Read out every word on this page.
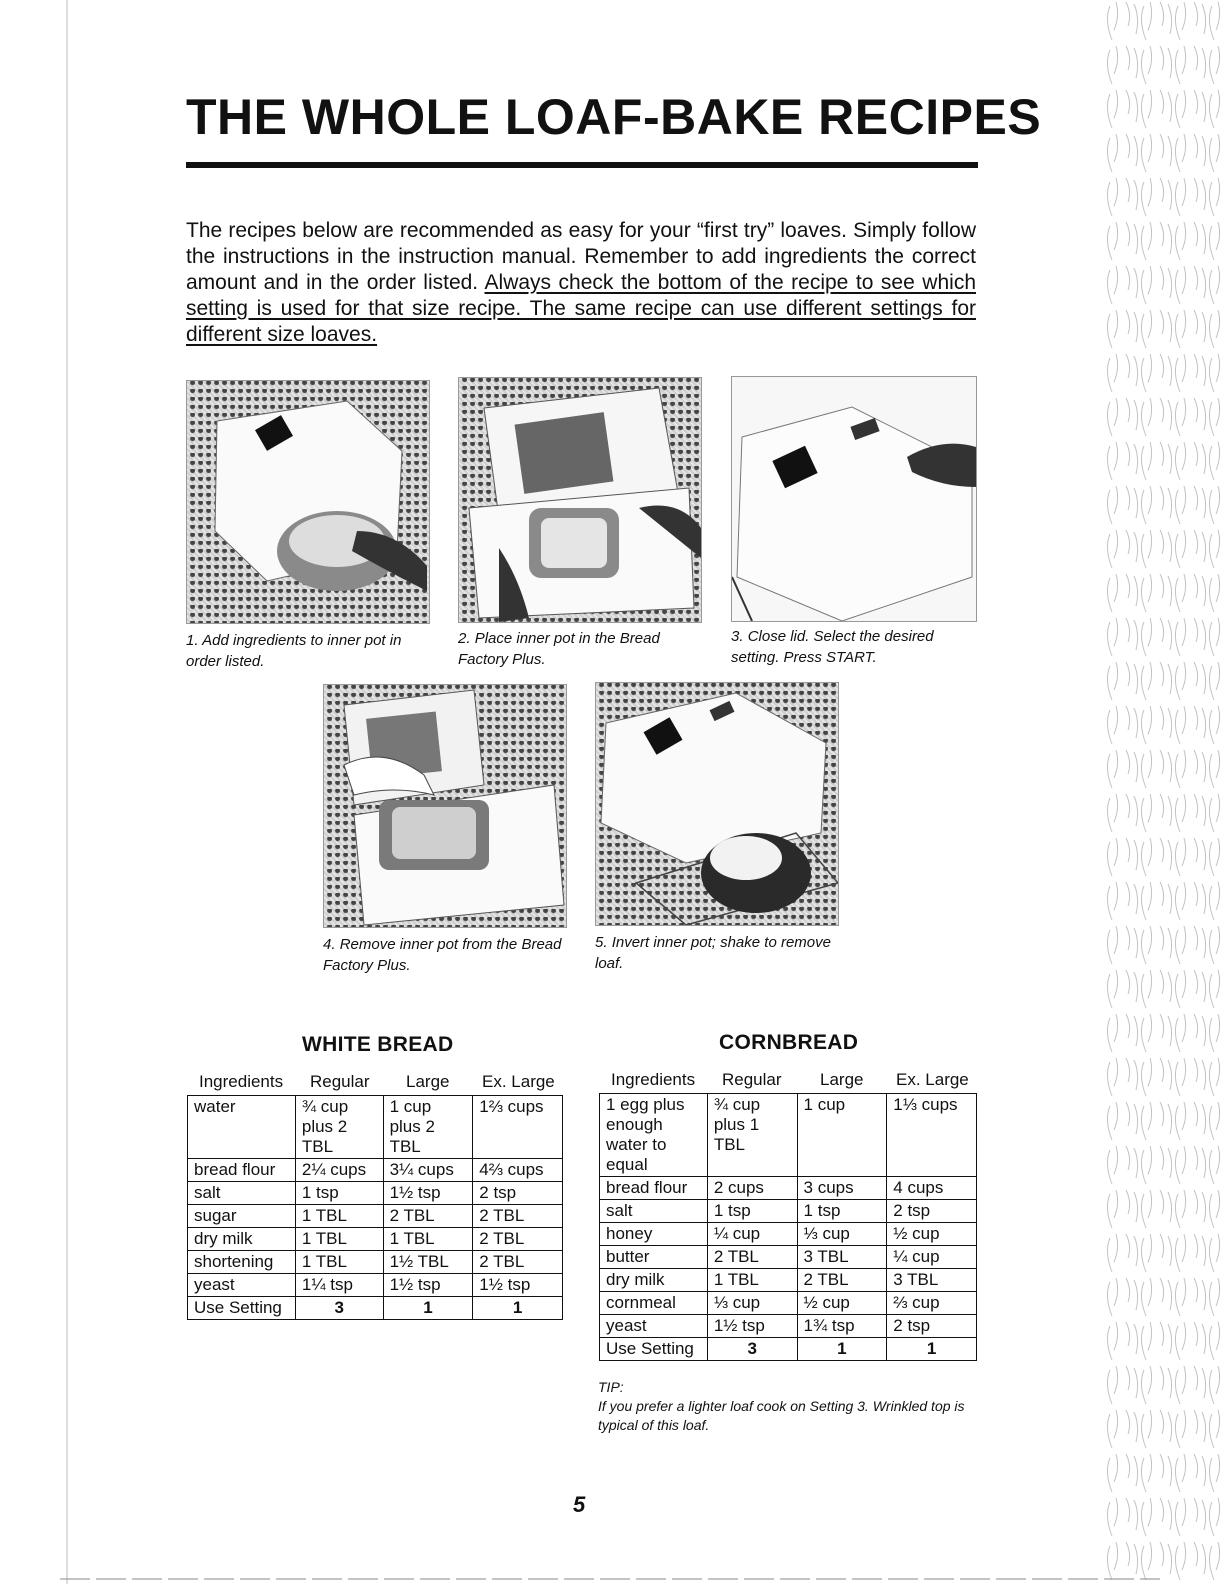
THE WHOLE LOAF-BAKE RECIPES

The recipes below are recommended as easy for your “first try” loaves. Simply follow the instructions in the instruction manual. Remember to add ingredients the correct amount and in the order listed. Always check the bottom of the recipe to see which setting is used for that size recipe. The same recipe can use different settings for different size loaves.

1. Add ingredients to inner pot in order listed.

2. Place inner pot in the Bread Factory Plus.

3. Close lid. Select the desired setting. Press START.

4. Remove inner pot from the Bread Factory Plus.

5. Invert inner pot; shake to remove loaf.

WHITE BREAD
Ingredients Regular Large Ex. Large
water	¾ cup plus 2 TBL	1 cup plus 2 TBL	1⅔ cups
bread flour	2¼ cups	3¼ cups	4⅔ cups
salt	1 tsp	1½ tsp	2 tsp
sugar	1 TBL	2 TBL	2 TBL
dry milk	1 TBL	1 TBL	2 TBL
shortening	1 TBL	1½ TBL	2 TBL
yeast	1¼ tsp	1½ tsp	1½ tsp
Use Setting	3	1	1
CORNBREAD
Ingredients Regular Large Ex. Large
1 egg plus enough water to equal	¾ cup plus 1 TBL	1 cup	1⅓ cups
bread flour	2 cups	3 cups	4 cups
salt	1 tsp	1 tsp	2 tsp
honey	¼ cup	⅓ cup	½ cup
butter	2 TBL	3 TBL	¼ cup
dry milk	1 TBL	2 TBL	3 TBL
cornmeal	⅓ cup	½ cup	⅔ cup
yeast	1½ tsp	1¾ tsp	2 tsp
Use Setting	3	1	1
TIP:
If you prefer a lighter loaf cook on Setting 3. Wrinkled top is typical of this loaf.
5
